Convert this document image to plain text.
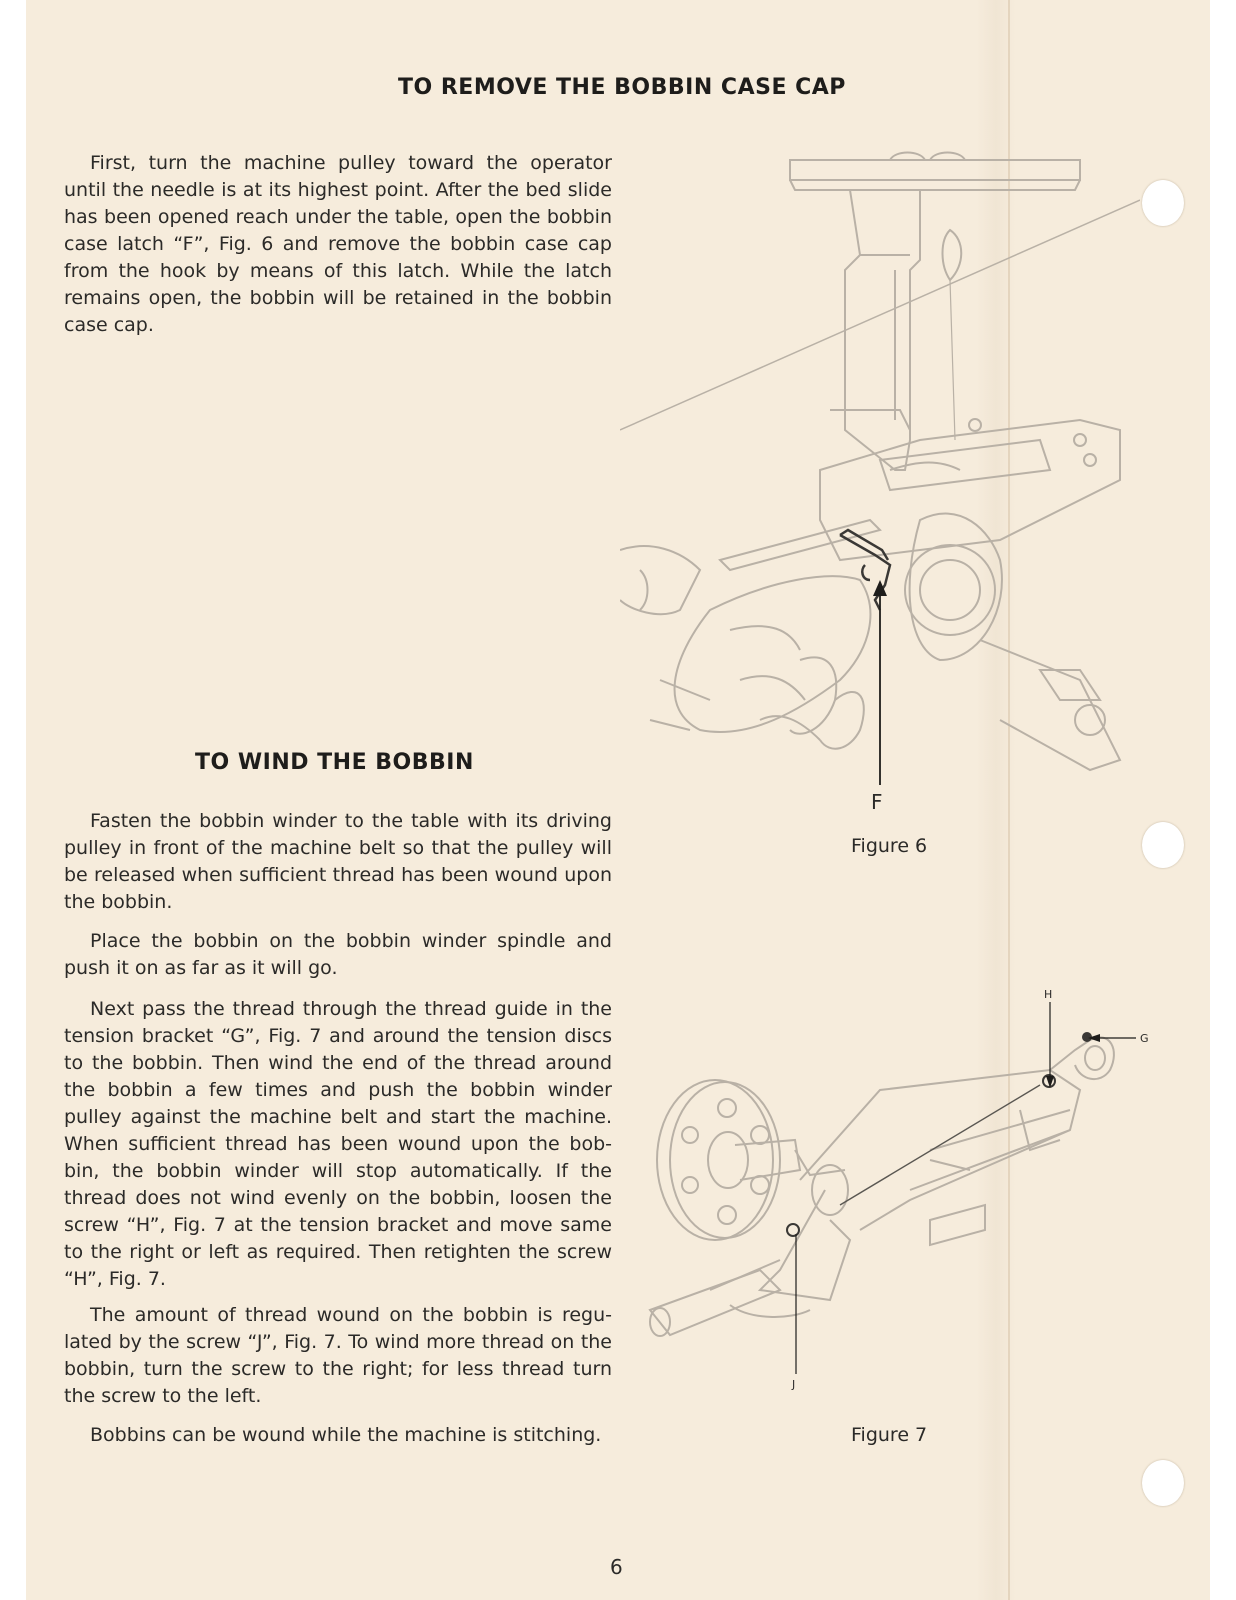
TO REMOVE THE BOBBIN CASE CAP

First, turn the machine pulley toward the operator until the needle is at its highest point. After the bed slide has been opened reach under the table, open the bobbin case latch “F”, Fig. 6 and remove the bobbin case cap from the hook by means of this latch. While the latch remains open, the bobbin will be retained in the bobbin case cap.

TO WIND THE BOBBIN

Fasten the bobbin winder to the table with its driving pulley in front of the machine belt so that the pulley will be released when sufficient thread has been wound upon the bobbin.

Place the bobbin on the bobbin winder spindle and push it on as far as it will go.

Next pass the thread through the thread guide in the tension bracket “G”, Fig. 7 and around the tension discs to the bobbin. Then wind the end of the thread around the bobbin a few times and push the bobbin winder pulley against the machine belt and start the machine. When sufficient thread has been wound upon the bob-bin, the bobbin winder will stop automatically. If the thread does not wind evenly on the bobbin, loosen the screw “H”, Fig. 7 at the tension bracket and move same to the right or left as required. Then retighten the screw “H”, Fig. 7.

The amount of thread wound on the bobbin is regu-lated by the screw “J”, Fig. 7. To wind more thread on the bobbin, turn the screw to the right; for less thread turn the screw to the left.

Bobbins can be wound while the machine is stitching.

F
Figure 6
H
G
J
Figure 7
6
